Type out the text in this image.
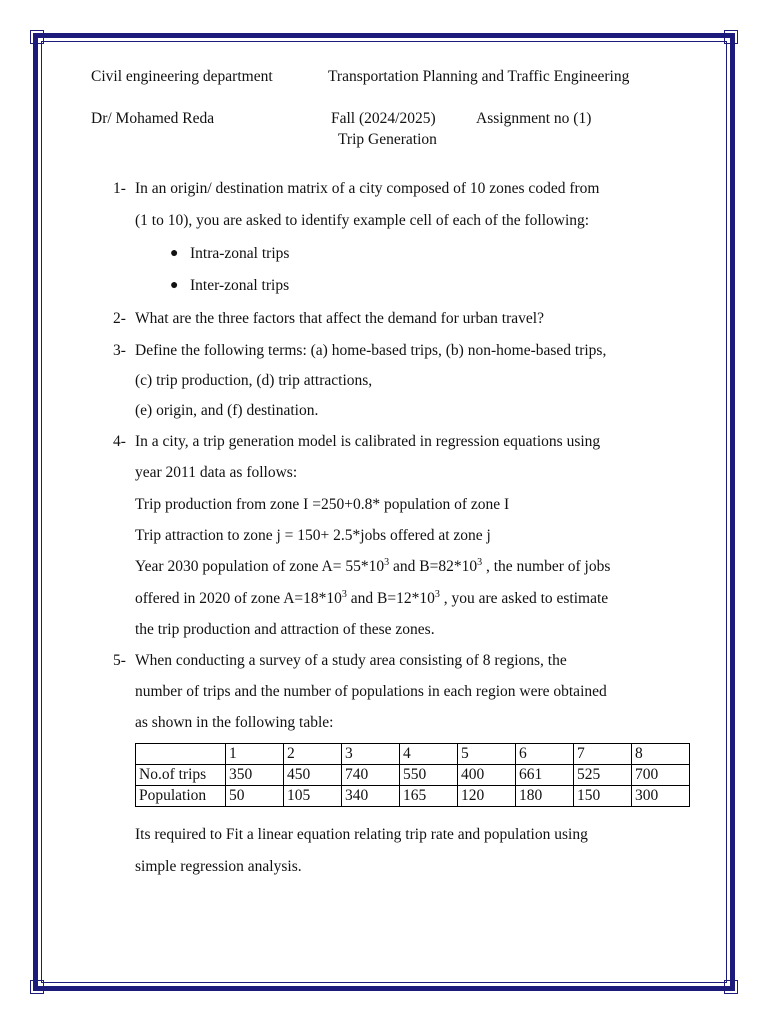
Civil engineering department	Transportation Planning and Traffic Engineering
Dr/ Mohamed Reda	Fall (2024/2025)	Assignment no (1)
Trip Generation
1- In an origin/ destination matrix of a city composed of 10 zones coded from
(1 to 10), you are asked to identify example cell of each of the following:
● Intra-zonal trips
● Inter-zonal trips
2- What are the three factors that affect the demand for urban travel?
3- Define the following terms: (a) home-based trips, (b) non-home-based trips,
(c) trip production, (d) trip attractions,
(e) origin, and (f) destination.
4- In a city, a trip generation model is calibrated in regression equations using
year 2011 data as follows:
Trip production from zone I =250+0.8* population of zone I
Trip attraction to zone j = 150+ 2.5*jobs offered at zone j
Year 2030 population of zone $A= 55*10^3$ and $B=82*10^3$ , the number of jobs
offered in 2020 of zone $A=18*10^3$ and $B=12*10^3$ , you are asked to estimate
the trip production and attraction of these zones.
5- When conducting a survey of a study area consisting of 8 regions, the
number of trips and the number of populations in each region were obtained
as shown in the following table:
	1	2	3	4	5	6	7	8
No.of trips	350	450	740	550	400	661	525	700
Population	50	105	340	165	120	180	150	300
Its required to Fit a linear equation relating trip rate and population using
simple regression analysis.
